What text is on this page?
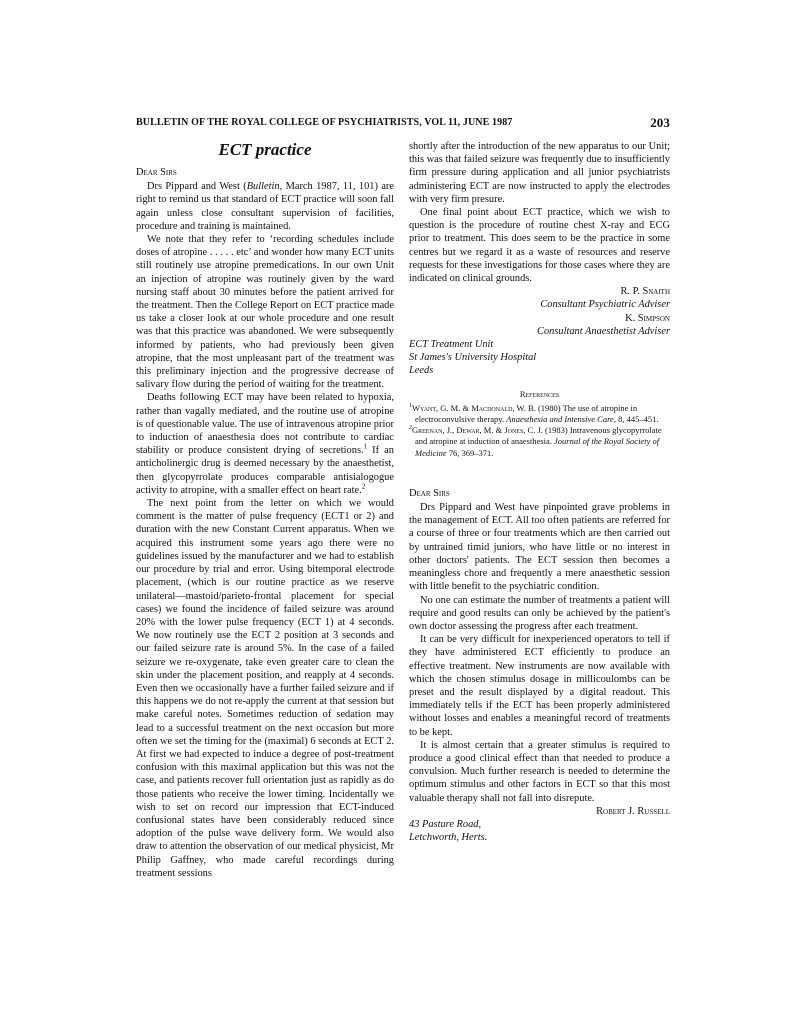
BULLETIN OF THE ROYAL COLLEGE OF PSYCHIATRISTS, VOL 11, JUNE 1987	203
ECT practice
Dear Sirs

Drs Pippard and West (Bulletin, March 1987, 11, 101) are right to remind us that standard of ECT practice will soon fall again unless close consultant supervision of facilities, procedure and training is maintained.

We note that they refer to ‘recording schedules include doses of atropine . . . . . etc’ and wonder how many ECT units still routinely use atropine premedications. In our own Unit an injection of atropine was routinely given by the ward nursing staff about 30 minutes before the patient arrived for the treatment. Then the College Report on ECT practice made us take a closer look at our whole procedure and one result was that this practice was abandoned. We were subsequently informed by patients, who had previously been given atropine, that the most unpleasant part of the treatment was this preliminary injection and the progressive decrease of salivary flow during the period of waiting for the treatment.

Deaths following ECT may have been related to hypoxia, rather than vagally mediated, and the routine use of atropine is of questionable value. The use of intravenous atropine prior to induction of anaesthesia does not contribute to cardiac stability or produce consistent drying of secretions.$^1$ If an anticholinergic drug is deemed necessary by the anaesthetist, then glycopyrrolate produces comparable antisialogogue activity to atropine, with a smaller effect on heart rate.$^2$

The next point from the letter on which we would comment is the matter of pulse frequency (ECT1 or 2) and duration with the new Constant Current apparatus. When we acquired this instrument some years ago there were no guidelines issued by the manufacturer and we had to establish our procedure by trial and error. Using bitemporal electrode placement, (which is our routine practice as we reserve unilateral—mastoid/parieto-frontal placement for special cases) we found the incidence of failed seizure was around 20% with the lower pulse frequency (ECT 1) at 4 seconds. We now routinely use the ECT 2 position at 3 seconds and our failed seizure rate is around 5%. In the case of a failed seizure we re-oxygenate, take even greater care to clean the skin under the placement position, and reapply at 4 seconds. Even then we occasionally have a further failed seizure and if this happens we do not re-apply the current at that session but make careful notes. Sometimes reduction of sedation may lead to a successful treatment on the next occasion but more often we set the timing for the (maximal) 6 seconds at ECT 2. At first we had expected to induce a degree of post-treatment confusion with this maximal application but this was not the case, and patients recover full orientation just as rapidly as do those patients who receive the lower timing. Incidentally we wish to set on record our impression that ECT-induced confusional states have been considerably reduced since adoption of the pulse wave delivery form. We would also draw to attention the observation of our medical physicist, Mr Philip Gaffney, who made careful recordings during treatment sessions

shortly after the introduction of the new apparatus to our Unit; this was that failed seizure was frequently due to insufficiently firm pressure during application and all junior psychiatrists administering ECT are now instructed to apply the electrodes with very firm presure.

One final point about ECT practice, which we wish to question is the procedure of routine chest X-ray and ECG prior to treatment. This does seem to be the practice in some centres but we regard it as a waste of resources and reserve requests for these investigations for those cases where they are indicated on clinical grounds.

R. P. Snaith
Consultant Psychiatric Adviser
K. Simpson
Consultant Anaesthetist Adviser
ECT Treatment Unit
St James's University Hospital
Leeds
References
$^1$Wyant, G. M. & Macdonald, W. B. (1980) The use of atropine in electroconvulsive therapy. Anaesthesia and Intensive Care, 8, 445–451.
$^2$Greenan, J., Dewar, M. & Jones, C. J. (1983) Intravenous glycopyrrolate and atropine at induction of anaesthesia. Journal of the Royal Society of Medicine 76, 369–371.
Dear Sirs

Drs Pippard and West have pinpointed grave problems in the management of ECT. All too often patients are referred for a course of three or four treatments which are then carried out by untrained timid juniors, who have little or no interest in other doctors' patients. The ECT session then becomes a meaningless chore and frequently a mere anaesthetic session with little benefit to the psychiatric condition.

No one can estimate the number of treatments a patient will require and good results can only be achieved by the patient's own doctor assessing the progress after each treatment.

It can be very difficult for inexperienced operators to tell if they have administered ECT efficiently to produce an effective treatment. New instruments are now available with which the chosen stimulus dosage in millicoulombs can be preset and the result displayed by a digital readout. This immediately tells if the ECT has been properly administered without losses and enables a meaningful record of treatments to be kept.

It is almost certain that a greater stimulus is required to produce a good clinical effect than that needed to produce a convulsion. Much further research is needed to determine the optimum stimulus and other factors in ECT so that this most valuable therapy shall not fall into disrepute.

Robert J. Russell
43 Pasture Road,
Letchworth, Herts.
